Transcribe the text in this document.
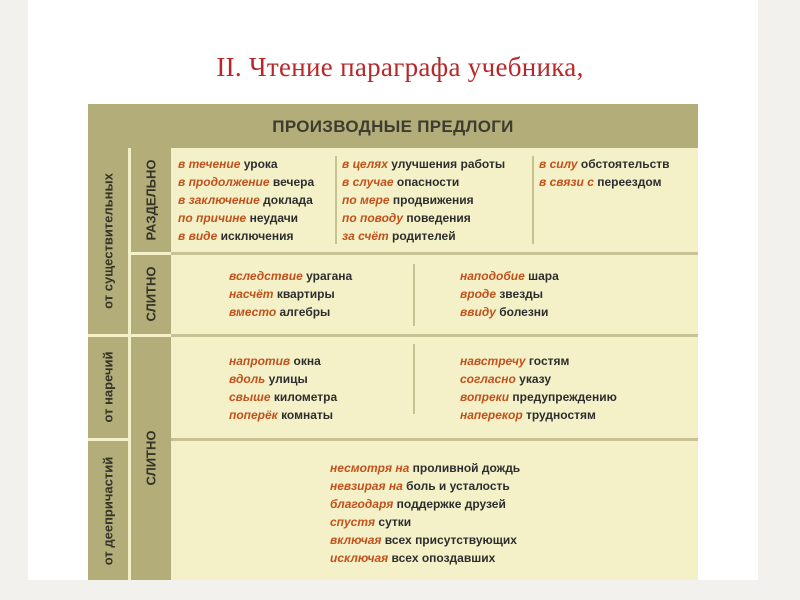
II. Чтение параграфа учебника,
ПРОИЗВОДНЫЕ ПРЕДЛОГИ
от существительных
от наречий
от деепричастий
РАЗДЕЛЬНО
СЛИТНО
СЛИТНО
в течение урока
в продолжение вечера
в заключение доклада
по причине неудачи
в виде исключения
в целях улучшения работы
в случае опасности
по мере продвижения
по поводу поведения
за счёт родителей
в силу обстоятельств
в связи с переездом
вследствие урагана
насчёт квартиры
вместо алгебры
наподобие шара
вроде звезды
ввиду болезни
напротив окна
вдоль улицы
свыше километра
поперёк комнаты
навстречу гостям
согласно указу
вопреки предупреждению
наперекор трудностям
несмотря на проливной дождь
невзирая на боль и усталость
благодаря поддержке друзей
спустя сутки
включая всех присутствующих
исключая всех опоздавших
